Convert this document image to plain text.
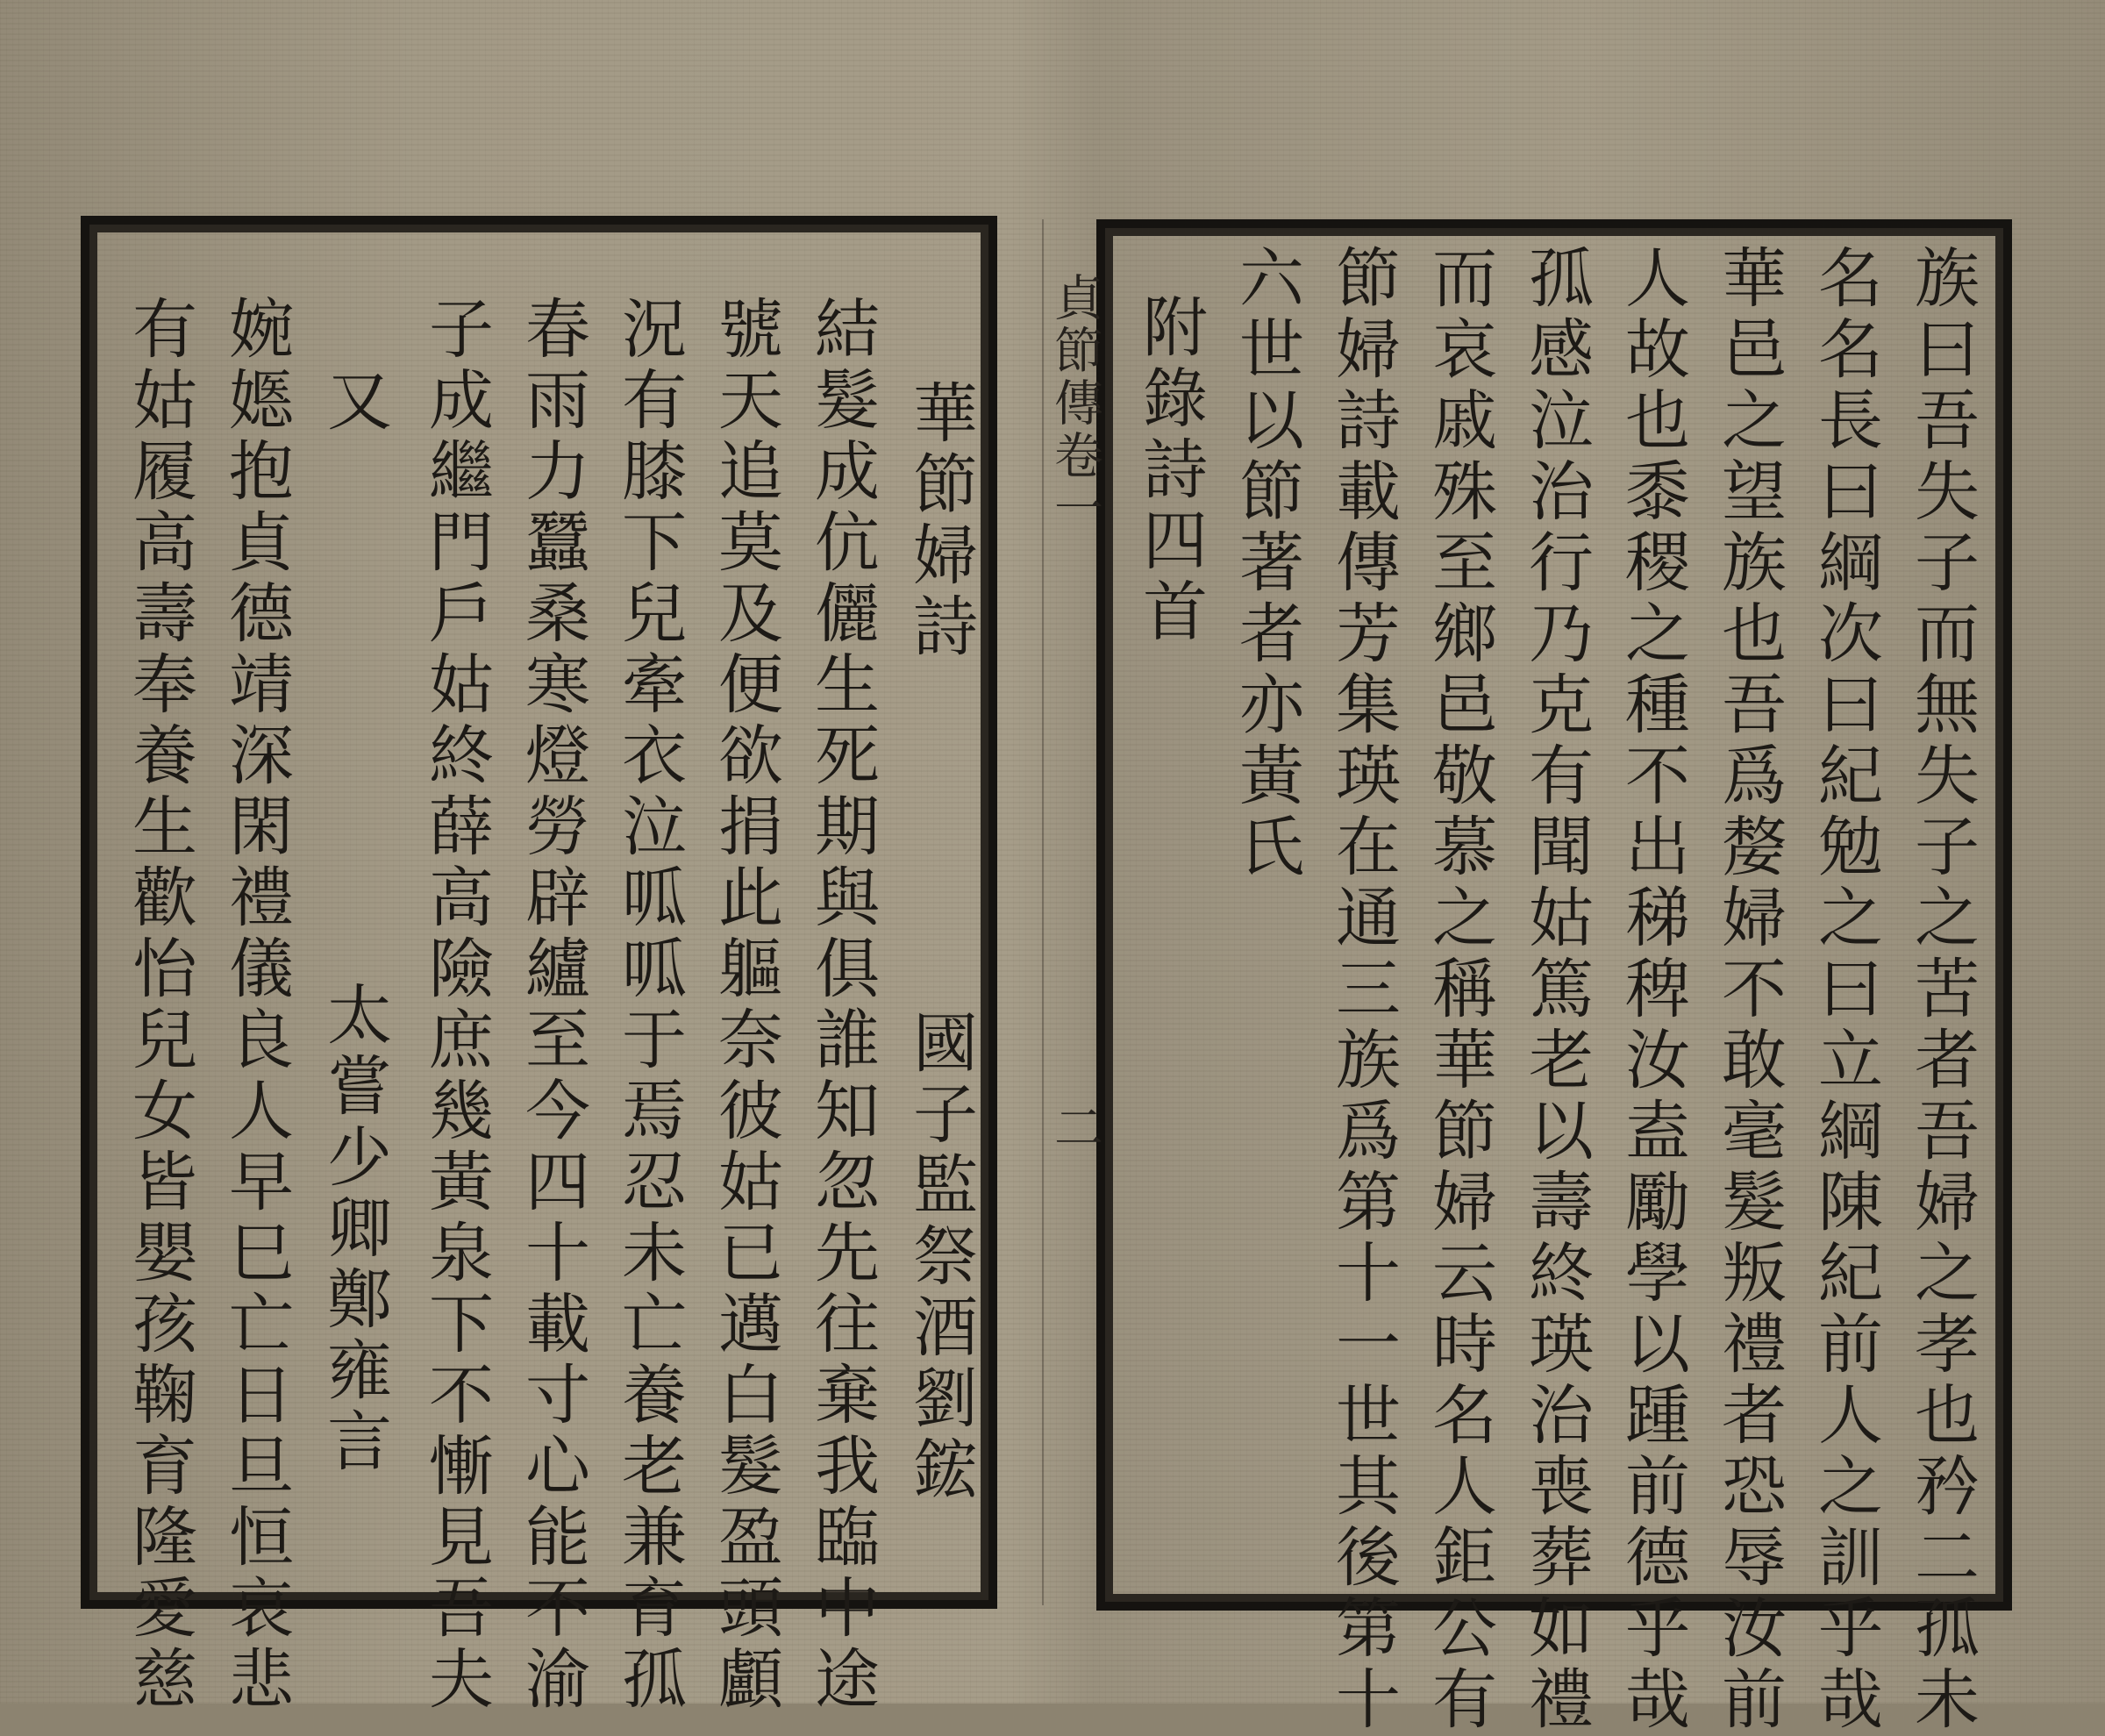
族曰吾失子而無失子之苦者吾婦之孝也矜二孤未
名名長曰綱次曰紀勉之曰立綱陳紀前人之訓乎哉
華邑之望族也吾爲嫠婦不敢毫髮叛禮者恐辱汝前
人故也黍稷之種不出稊稗汝盍勵學以踵前德乎哉
孤感泣治行乃克有聞姑篤老以壽終瑛治喪葬如禮
而哀戚殊至鄉邑敬慕之稱華節婦云時名人鉅公有
節婦詩載傳芳集瑛在通三族爲第十一世其後第十
六世以節著者亦黃氏
附錄詩四首
貞節傳卷一
二
華節婦詩
國子監祭酒劉鋐
結髮成伉儷生死期與俱誰知忽先往棄我臨中途
號天追莫及便欲捐此軀奈彼姑已邁白髮盈頭顱
況有膝下兒牽衣泣呱呱于焉忍未亡養老兼育孤
春雨力蠶桑寒燈勞辟纑至今四十載寸心能不渝
子成繼門戶姑終薛高險庶幾黃泉下不慚見吾夫
又
太嘗少卿鄭雍言
婉嫕抱貞德靖深閑禮儀良人早巳亡日旦恒哀悲
有姑履高壽奉養生歡怡兒女皆嬰孩鞠育隆愛慈
